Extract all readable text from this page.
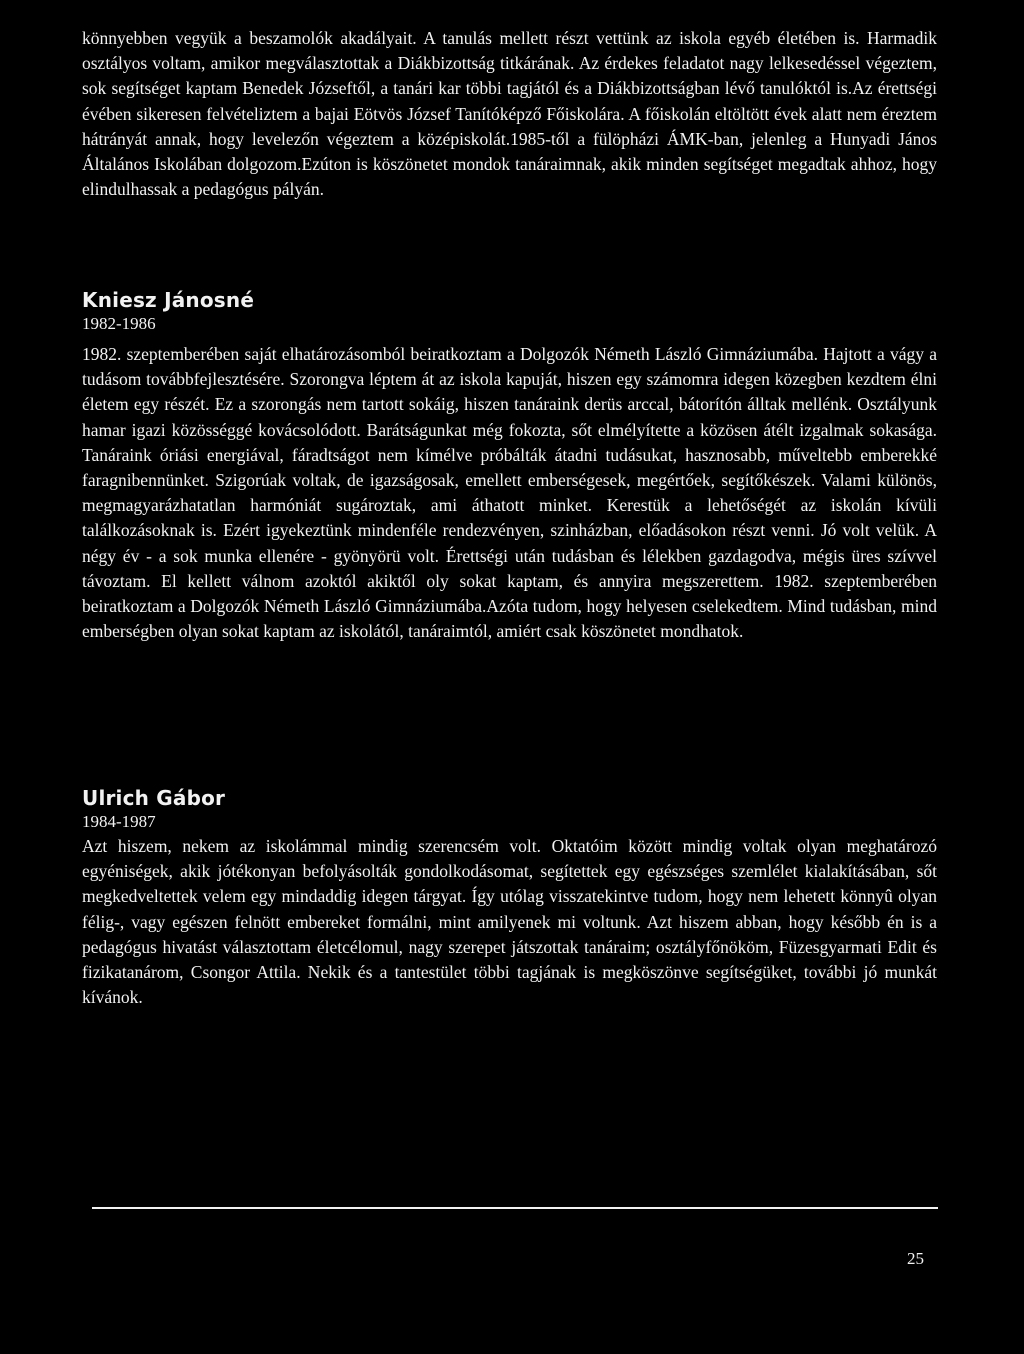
könnyebben vegyük a beszamolók akadályait. A tanulás mellett részt vettünk az iskola egyéb életében is. Harmadik osztályos voltam, amikor megválasztottak a Diákbizottság titkárának. Az érdekes feladatot nagy lelkesedéssel végeztem, sok segítséget kaptam Benedek Józseftől, a tanári kar többi tagjától és a Diákbizottságban lévő tanulóktól is.Az érettségi évében sikeresen felvételiztem a bajai Eötvös József Tanítóképző Főiskolára. A főiskolán eltöltött évek alatt nem éreztem hátrányát annak, hogy levelezőn végeztem a középiskolát.1985-től a fülöpházi ÁMK-ban, jelenleg a Hunyadi János Általános Iskolában dolgozom.Ezúton is köszönetet mondok tanáraimnak, akik minden segítséget megadtak ahhoz, hogy elindulhassak a pedagógus pályán.

Kniesz Jánosné
1982-1986

1982. szeptemberében saját elhatározásomból beiratkoztam a Dolgozók Németh László Gimnáziumába. Hajtott a vágy a tudásom továbbfejlesztésére. Szorongva léptem át az iskola kapuját, hiszen egy számomra idegen közegben kezdtem élni életem egy részét. Ez a szorongás nem tartott sokáig, hiszen tanáraink derüs arccal, bátorítón álltak mellénk. Osztályunk hamar igazi közösséggé kovácsolódott. Barátságunkat még fokozta, sőt elmélyítette a közösen átélt izgalmak sokasága. Tanáraink óriási energiával, fáradtságot nem kímélve próbálták átadni tudásukat, hasznosabb, műveltebb emberekké faragnibennünket. Szigorúak voltak, de igazságosak, emellett emberségesek, megértőek, segítőkészek. Valami különös, megmagyarázhatatlan harmóniát sugároztak, ami áthatott minket. Kerestük a lehetőségét az iskolán kívüli találkozásoknak is. Ezért igyekeztünk mindenféle rendezvényen, szinházban, előadásokon részt venni. Jó volt velük. A négy év - a sok munka ellenére - gyönyörü volt. Érettségi után tudásban és lélekben gazdagodva, mégis üres szívvel távoztam. El kellett válnom azoktól akiktől oly sokat kaptam, és annyira megszerettem. 1982. szeptemberében beiratkoztam a Dolgozók Németh László Gimnáziumába.Azóta tudom, hogy helyesen cselekedtem. Mind tudásban, mind emberségben olyan sokat kaptam az iskolától, tanáraimtól, amiért csak köszönetet mondhatok.

Ulrich Gábor
1984-1987

Azt hiszem, nekem az iskolámmal mindig szerencsém volt. Oktatóim között mindig voltak olyan meghatározó egyéniségek, akik jótékonyan befolyásolták gondolkodásomat, segítettek egy egészséges szemlélet kialakításában, sőt megkedveltettek velem egy mindaddig idegen tárgyat. Így utólag visszatekintve tudom, hogy nem lehetett könnyû olyan félig-, vagy egészen felnött embereket formálni, mint amilyenek mi voltunk. Azt hiszem abban, hogy később én is a pedagógus hivatást választottam életcélomul, nagy szerepet játszottak tanáraim; osztályfőnököm, Füzesgyarmati Edit és fizikatanárom, Csongor Attila. Nekik és a tantestület többi tagjának is megköszönve segítségüket, további jó munkát kívánok.

25
